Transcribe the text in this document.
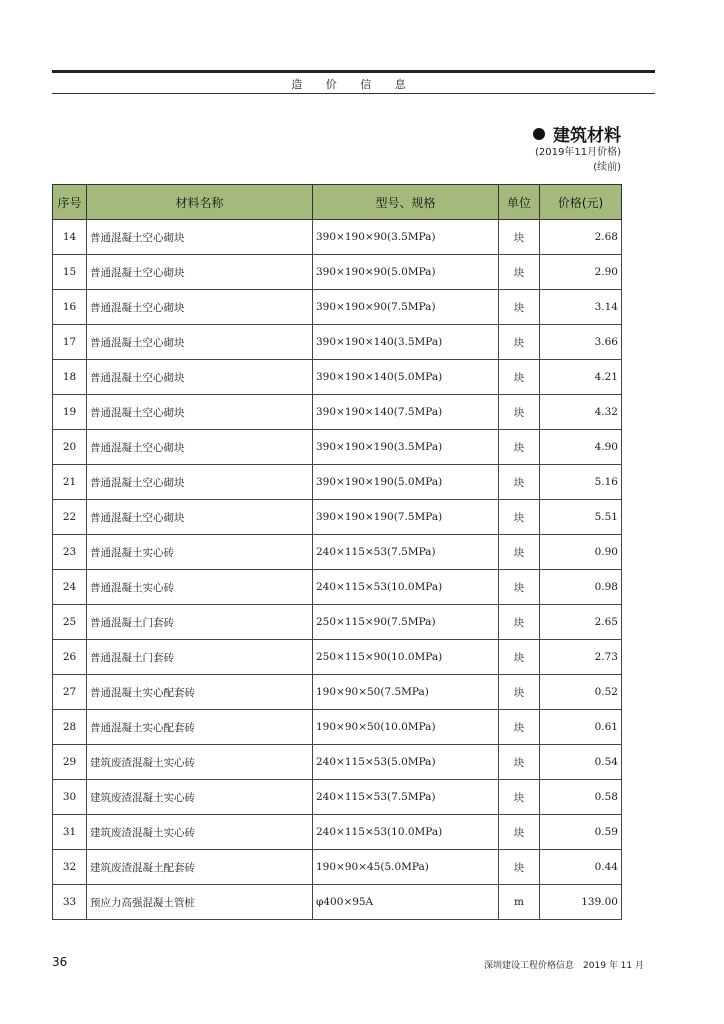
造 价 信 息
建筑材料
(2019年11月价格)
(续前)
序号	材料名称	型号、规格	单位	价格(元)
14	普通混凝土空心砌块	390×190×90(3.5MPa)	块	2.68
15	普通混凝土空心砌块	390×190×90(5.0MPa)	块	2.90
16	普通混凝土空心砌块	390×190×90(7.5MPa)	块	3.14
17	普通混凝土空心砌块	390×190×140(3.5MPa)	块	3.66
18	普通混凝土空心砌块	390×190×140(5.0MPa)	块	4.21
19	普通混凝土空心砌块	390×190×140(7.5MPa)	块	4.32
20	普通混凝土空心砌块	390×190×190(3.5MPa)	块	4.90
21	普通混凝土空心砌块	390×190×190(5.0MPa)	块	5.16
22	普通混凝土空心砌块	390×190×190(7.5MPa)	块	5.51
23	普通混凝土实心砖	240×115×53(7.5MPa)	块	0.90
24	普通混凝土实心砖	240×115×53(10.0MPa)	块	0.98
25	普通混凝土门套砖	250×115×90(7.5MPa)	块	2.65
26	普通混凝土门套砖	250×115×90(10.0MPa)	块	2.73
27	普通混凝土实心配套砖	190×90×50(7.5MPa)	块	0.52
28	普通混凝土实心配套砖	190×90×50(10.0MPa)	块	0.61
29	建筑废渣混凝土实心砖	240×115×53(5.0MPa)	块	0.54
30	建筑废渣混凝土实心砖	240×115×53(7.5MPa)	块	0.58
31	建筑废渣混凝土实心砖	240×115×53(10.0MPa)	块	0.59
32	建筑废渣混凝土配套砖	190×90×45(5.0MPa)	块	0.44
33	预应力高强混凝土管桩	φ400×95A	m	139.00
36	深圳建设工程价格信息　2019 年 11 月
